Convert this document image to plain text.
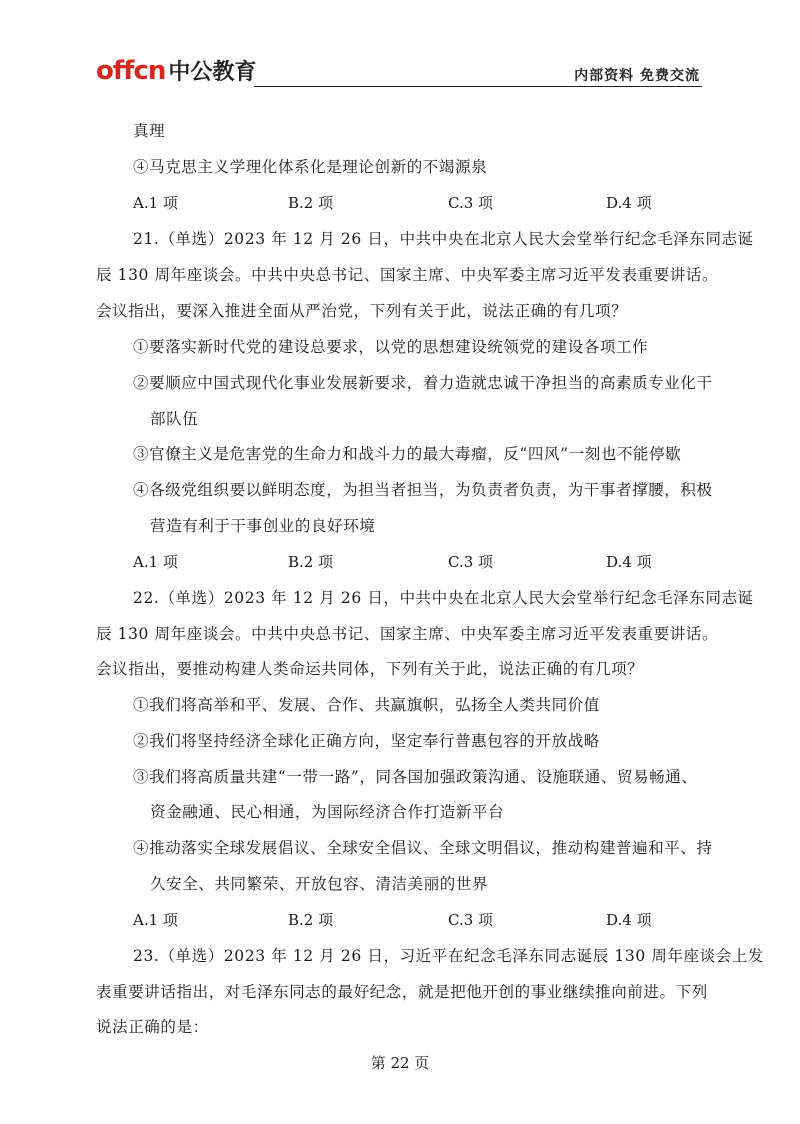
offcn 中公教育	内部资料 免费交流
真理
④马克思主义学理化体系化是理论创新的不竭源泉
A.1 项	B.2 项	C.3 项	D.4 项
21.（单选）2023 年 12 月 26 日，中共中央在北京人民大会堂举行纪念毛泽东同志诞
辰 130 周年座谈会。中共中央总书记、国家主席、中央军委主席习近平发表重要讲话。
会议指出，要深入推进全面从严治党，下列有关于此，说法正确的有几项？
①要落实新时代党的建设总要求，以党的思想建设统领党的建设各项工作
②要顺应中国式现代化事业发展新要求，着力造就忠诚干净担当的高素质专业化干
部队伍
③官僚主义是危害党的生命力和战斗力的最大毒瘤，反“四风”一刻也不能停歇
④各级党组织要以鲜明态度，为担当者担当，为负责者负责，为干事者撑腰，积极
营造有利于干事创业的良好环境
A.1 项	B.2 项	C.3 项	D.4 项
22.（单选）2023 年 12 月 26 日，中共中央在北京人民大会堂举行纪念毛泽东同志诞
辰 130 周年座谈会。中共中央总书记、国家主席、中央军委主席习近平发表重要讲话。
会议指出，要推动构建人类命运共同体，下列有关于此，说法正确的有几项？
①我们将高举和平、发展、合作、共赢旗帜，弘扬全人类共同价值
②我们将坚持经济全球化正确方向，坚定奉行普惠包容的开放战略
③我们将高质量共建“一带一路”，同各国加强政策沟通、设施联通、贸易畅通、
资金融通、民心相通，为国际经济合作打造新平台
④推动落实全球发展倡议、全球安全倡议、全球文明倡议，推动构建普遍和平、持
久安全、共同繁荣、开放包容、清洁美丽的世界
A.1 项	B.2 项	C.3 项	D.4 项
23.（单选）2023 年 12 月 26 日，习近平在纪念毛泽东同志诞辰 130 周年座谈会上发
表重要讲话指出，对毛泽东同志的最好纪念，就是把他开创的事业继续推向前进。下列
说法正确的是：
第 22 页
